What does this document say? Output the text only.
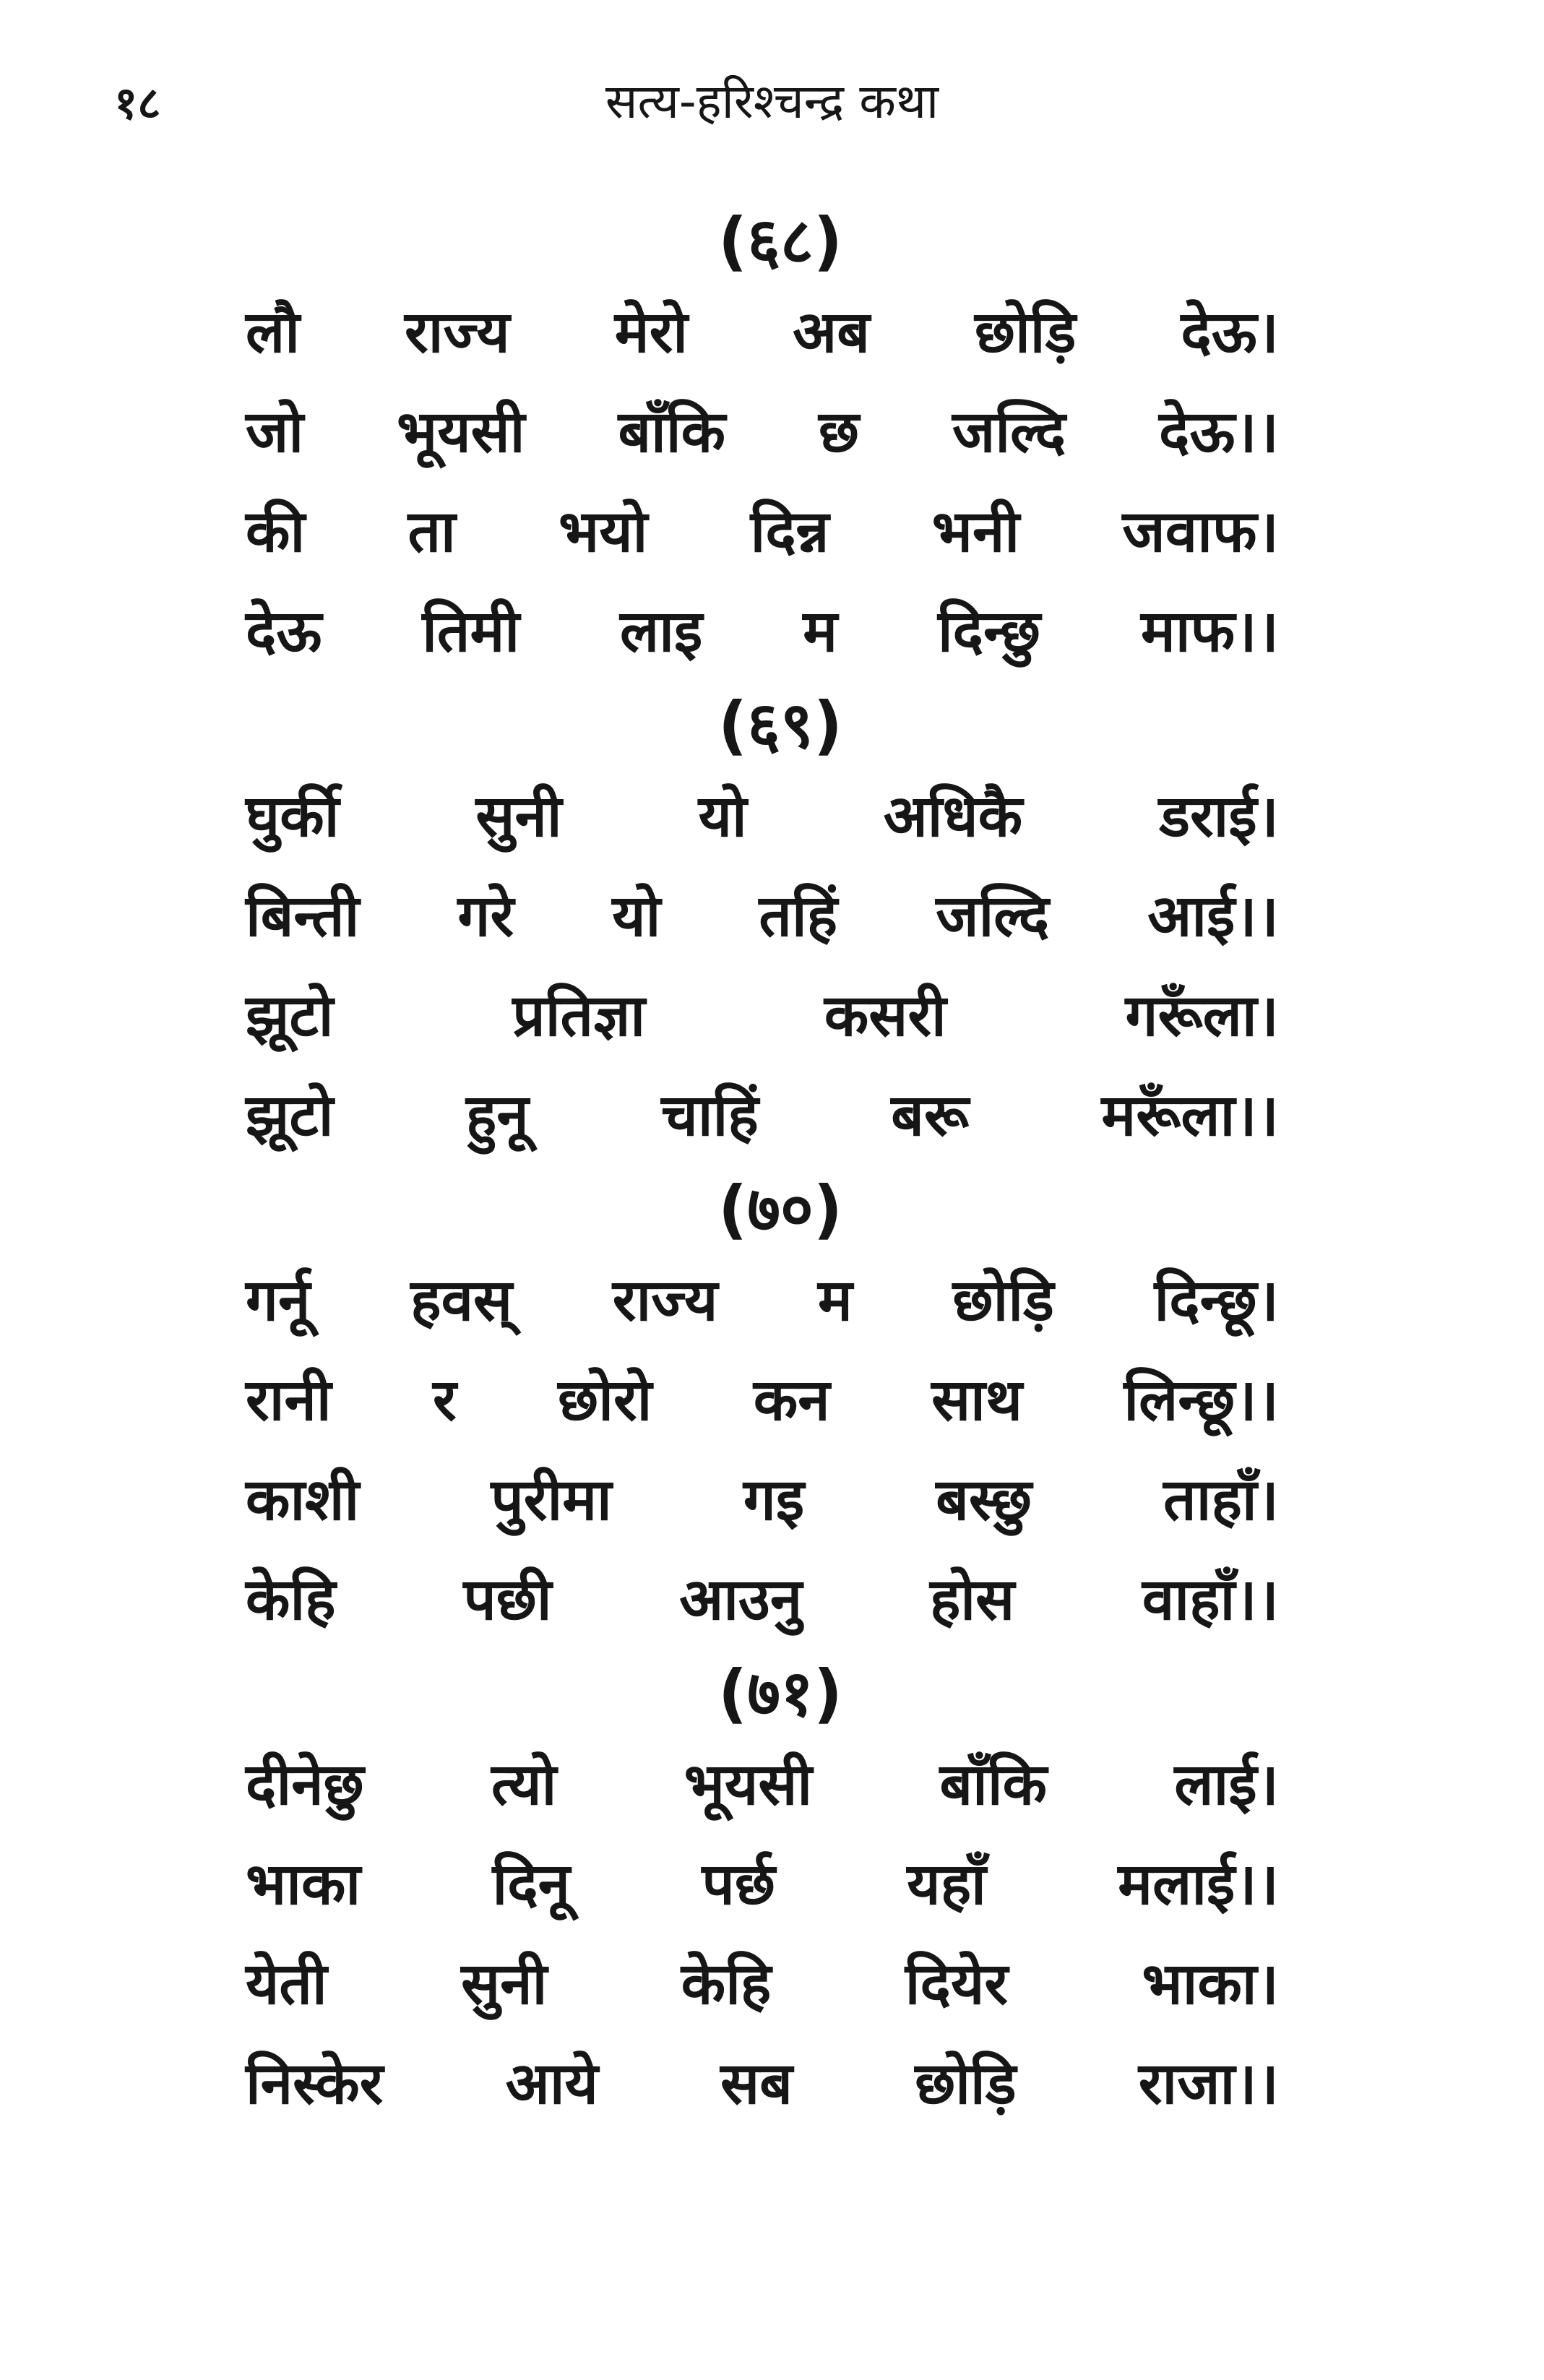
१८	सत्य-हरिश्चन्द्र कथा
(६८)
लौ राज्य मेरो अब छोड़ि देऊ।
जो भूयसी बाँकि छ जल्दि देऊ।।
की ता भयो दिन्न भनी जवाफ।
देऊ तिमी लाइ म दिन्छु माफ।।
(६९)
घुर्की सुनी यो अधिकै डराई।
बिन्ती गरे यो तहिं जल्दि आई।।
झूटो	प्रतिज्ञा	कसरी	गरूँला।
झूटो हुनू चाहिं बरू मरूँला।।
(७०)
गर्नू हवस् राज्य म छोड़ि दिन्छू।
रानी र छोरो कन साथ लिन्छू।।
काशी पुरीमा गइ बस्छु ताहाँ।
केहि पछी आउनु होस वाहाँ।।
(७१)
दीनेछु त्यो भूयसी बाँकि लाई।
भाका दिनू पर्छ यहाँ मलाई।।
येती सुनी केहि दियेर भाका।
निस्केर आये सब छोड़ि राजा।।
